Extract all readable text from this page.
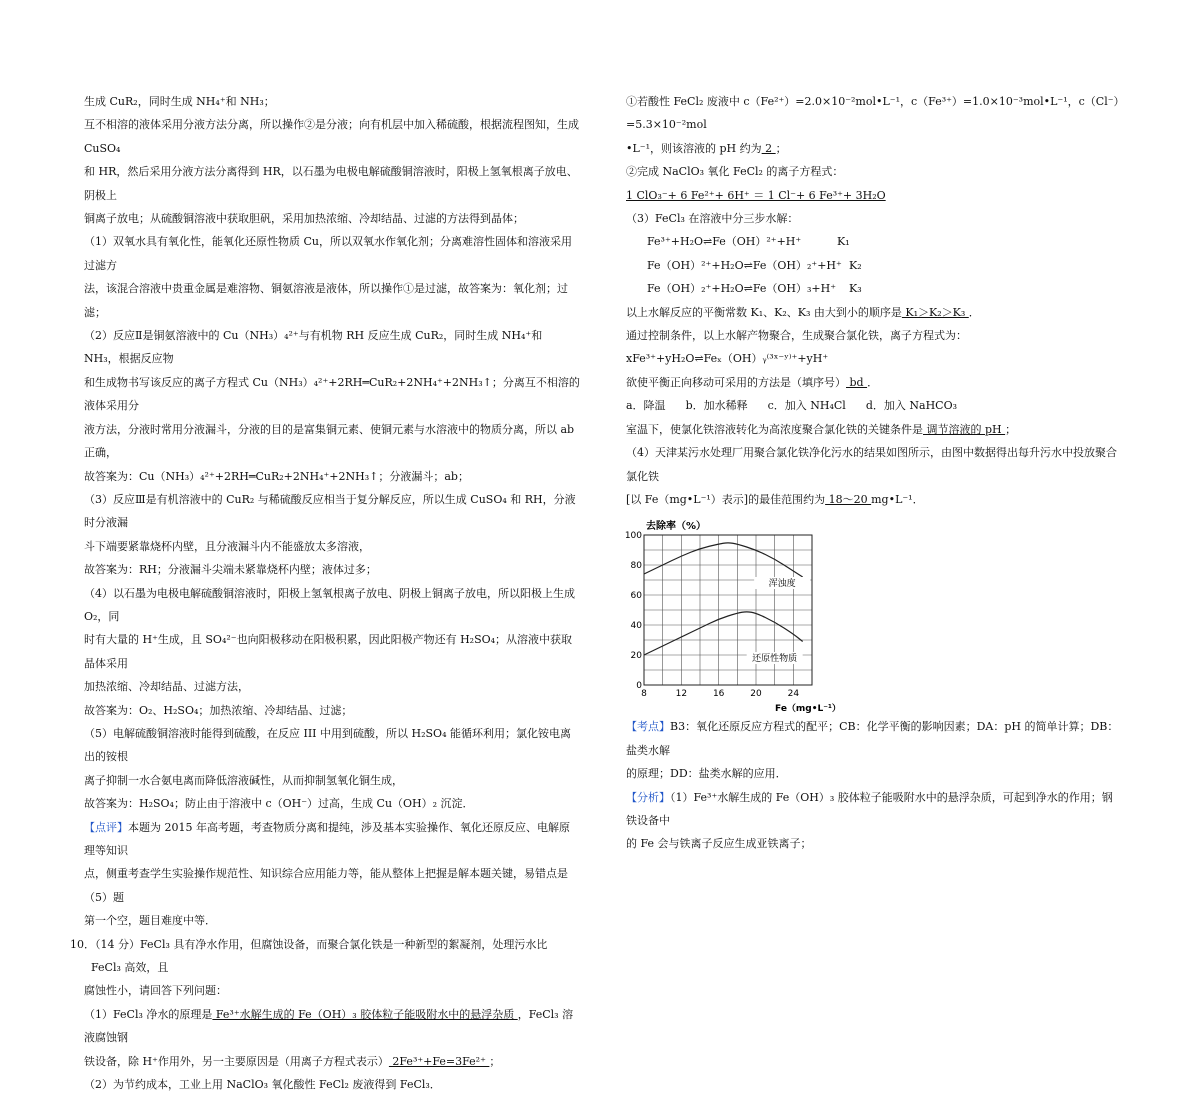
生成 CuR₂，同时生成 NH₄⁺和 NH₃；

互不相溶的液体采用分液方法分离，所以操作②是分液；向有机层中加入稀硫酸，根据流程图知，生成 CuSO₄

和 HR，然后采用分液方法分离得到 HR，以石墨为电极电解硫酸铜溶液时，阳极上氢氧根离子放电、阴极上

铜离子放电；从硫酸铜溶液中获取胆矾，采用加热浓缩、冷却结晶、过滤的方法得到晶体；

（1）双氧水具有氧化性，能氧化还原性物质 Cu，所以双氧水作氧化剂；分离难溶性固体和溶液采用过滤方

法，该混合溶液中贵重金属是难溶物、铜氨溶液是液体，所以操作①是过滤，故答案为：氧化剂；过滤；

（2）反应Ⅱ是铜氨溶液中的 Cu（NH₃）₄²⁺与有机物 RH 反应生成 CuR₂，同时生成 NH₄⁺和 NH₃，根据反应物

和生成物书写该反应的离子方程式 Cu（NH₃）₄²⁺+2RH═CuR₂+2NH₄⁺+2NH₃↑；分离互不相溶的液体采用分

液方法，分液时常用分液漏斗，分液的目的是富集铜元素、使铜元素与水溶液中的物质分离，所以 ab 正确，

故答案为：Cu（NH₃）₄²⁺+2RH═CuR₂+2NH₄⁺+2NH₃↑；分液漏斗；ab；

（3）反应Ⅲ是有机溶液中的 CuR₂ 与稀硫酸反应相当于复分解反应，所以生成 CuSO₄ 和 RH，分液时分液漏

斗下端要紧靠烧杯内壁，且分液漏斗内不能盛放太多溶液，

故答案为：RH；分液漏斗尖端未紧靠烧杯内壁；液体过多；

（4）以石墨为电极电解硫酸铜溶液时，阳极上氢氧根离子放电、阴极上铜离子放电，所以阳极上生成 O₂，同

时有大量的 H⁺生成，且 SO₄²⁻也向阳极移动在阳极积累，因此阳极产物还有 H₂SO₄；从溶液中获取晶体采用

加热浓缩、冷却结晶、过滤方法，

故答案为：O₂、H₂SO₄；加热浓缩、冷却结晶、过滤；

（5）电解硫酸铜溶液时能得到硫酸，在反应 III 中用到硫酸，所以 H₂SO₄ 能循环利用；氯化铵电离出的铵根

离子抑制一水合氨电离而降低溶液碱性，从而抑制氢氧化铜生成，

故答案为：H₂SO₄；防止由于溶液中 c（OH⁻）过高，生成 Cu（OH）₂ 沉淀．

【点评】本题为 2015 年高考题，考查物质分离和提纯，涉及基本实验操作、氧化还原反应、电解原理等知识

点，侧重考查学生实验操作规范性、知识综合应用能力等，能从整体上把握是解本题关键，易错点是（5）题

第一个空，题目难度中等．

10．（14 分）FeCl₃ 具有净水作用，但腐蚀设备，而聚合氯化铁是一种新型的絮凝剂，处理污水比 FeCl₃ 高效，且

腐蚀性小，请回答下列问题：

（1）FeCl₃ 净水的原理是 Fe³⁺水解生成的 Fe（OH）₃ 胶体粒子能吸附水中的悬浮杂质 ，FeCl₃ 溶液腐蚀钢

铁设备，除 H⁺作用外，另一主要原因是（用离子方程式表示） 2Fe³⁺+Fe=3Fe²⁺ ；

（2）为节约成本，工业上用 NaClO₃ 氧化酸性 FeCl₂ 废液得到 FeCl₃．

①若酸性 FeCl₂ 废液中 c（Fe²⁺）=2.0×10⁻²mol•L⁻¹，c（Fe³⁺）=1.0×10⁻³mol•L⁻¹，c（Cl⁻）=5.3×10⁻²mol

•L⁻¹，则该溶液的 pH 约为 2 ；

②完成 NaClO₃ 氧化 FeCl₂ 的离子方程式：

1 ClO₃⁻+ 6 Fe²⁺+ 6H⁺ ＝ 1 Cl⁻+ 6 Fe³⁺+ 3H₂O

（3）FeCl₃ 在溶液中分三步水解：

Fe³⁺+H₂O⇌Fe（OH）²⁺+H⁺	K₁
Fe（OH）²⁺+H₂O⇌Fe（OH）₂⁺+H⁺ K₂
Fe（OH）₂⁺+H₂O⇌Fe（OH）₃+H⁺	K₃

以上水解反应的平衡常数 K₁、K₂、K₃ 由大到小的顺序是 K₁＞K₂＞K₃ ．

通过控制条件，以上水解产物聚合，生成聚合氯化铁，离子方程式为：

xFe³⁺+yH₂O⇌Feₓ（OH）ᵧ⁽³ˣ⁻ʸ⁾⁺+yH⁺

欲使平衡正向移动可采用的方法是（填序号） bd ．

a．降温 b．加水稀释 c．加入 NH₄Cl d．加入 NaHCO₃

室温下，使氯化铁溶液转化为高浓度聚合氯化铁的关键条件是 调节溶液的 pH ；

（4）天津某污水处理厂用聚合氯化铁净化污水的结果如图所示，由图中数据得出每升污水中投放聚合氯化铁

[以 Fe（mg•L⁻¹）表示]的最佳范围约为 18～20 mg•L⁻¹．

0
20
40
60
80
100
8	12	16	20	24
去除率（%）
Fe（mg•L⁻¹）
浑浊度
还原性物质

【考点】B3：氧化还原反应方程式的配平；CB：化学平衡的影响因素；DA：pH 的简单计算；DB：盐类水解

的原理；DD：盐类水解的应用．

【分析】（1）Fe³⁺水解生成的 Fe（OH）₃ 胶体粒子能吸附水中的悬浮杂质，可起到净水的作用；钢铁设备中

的 Fe 会与铁离子反应生成亚铁离子；
